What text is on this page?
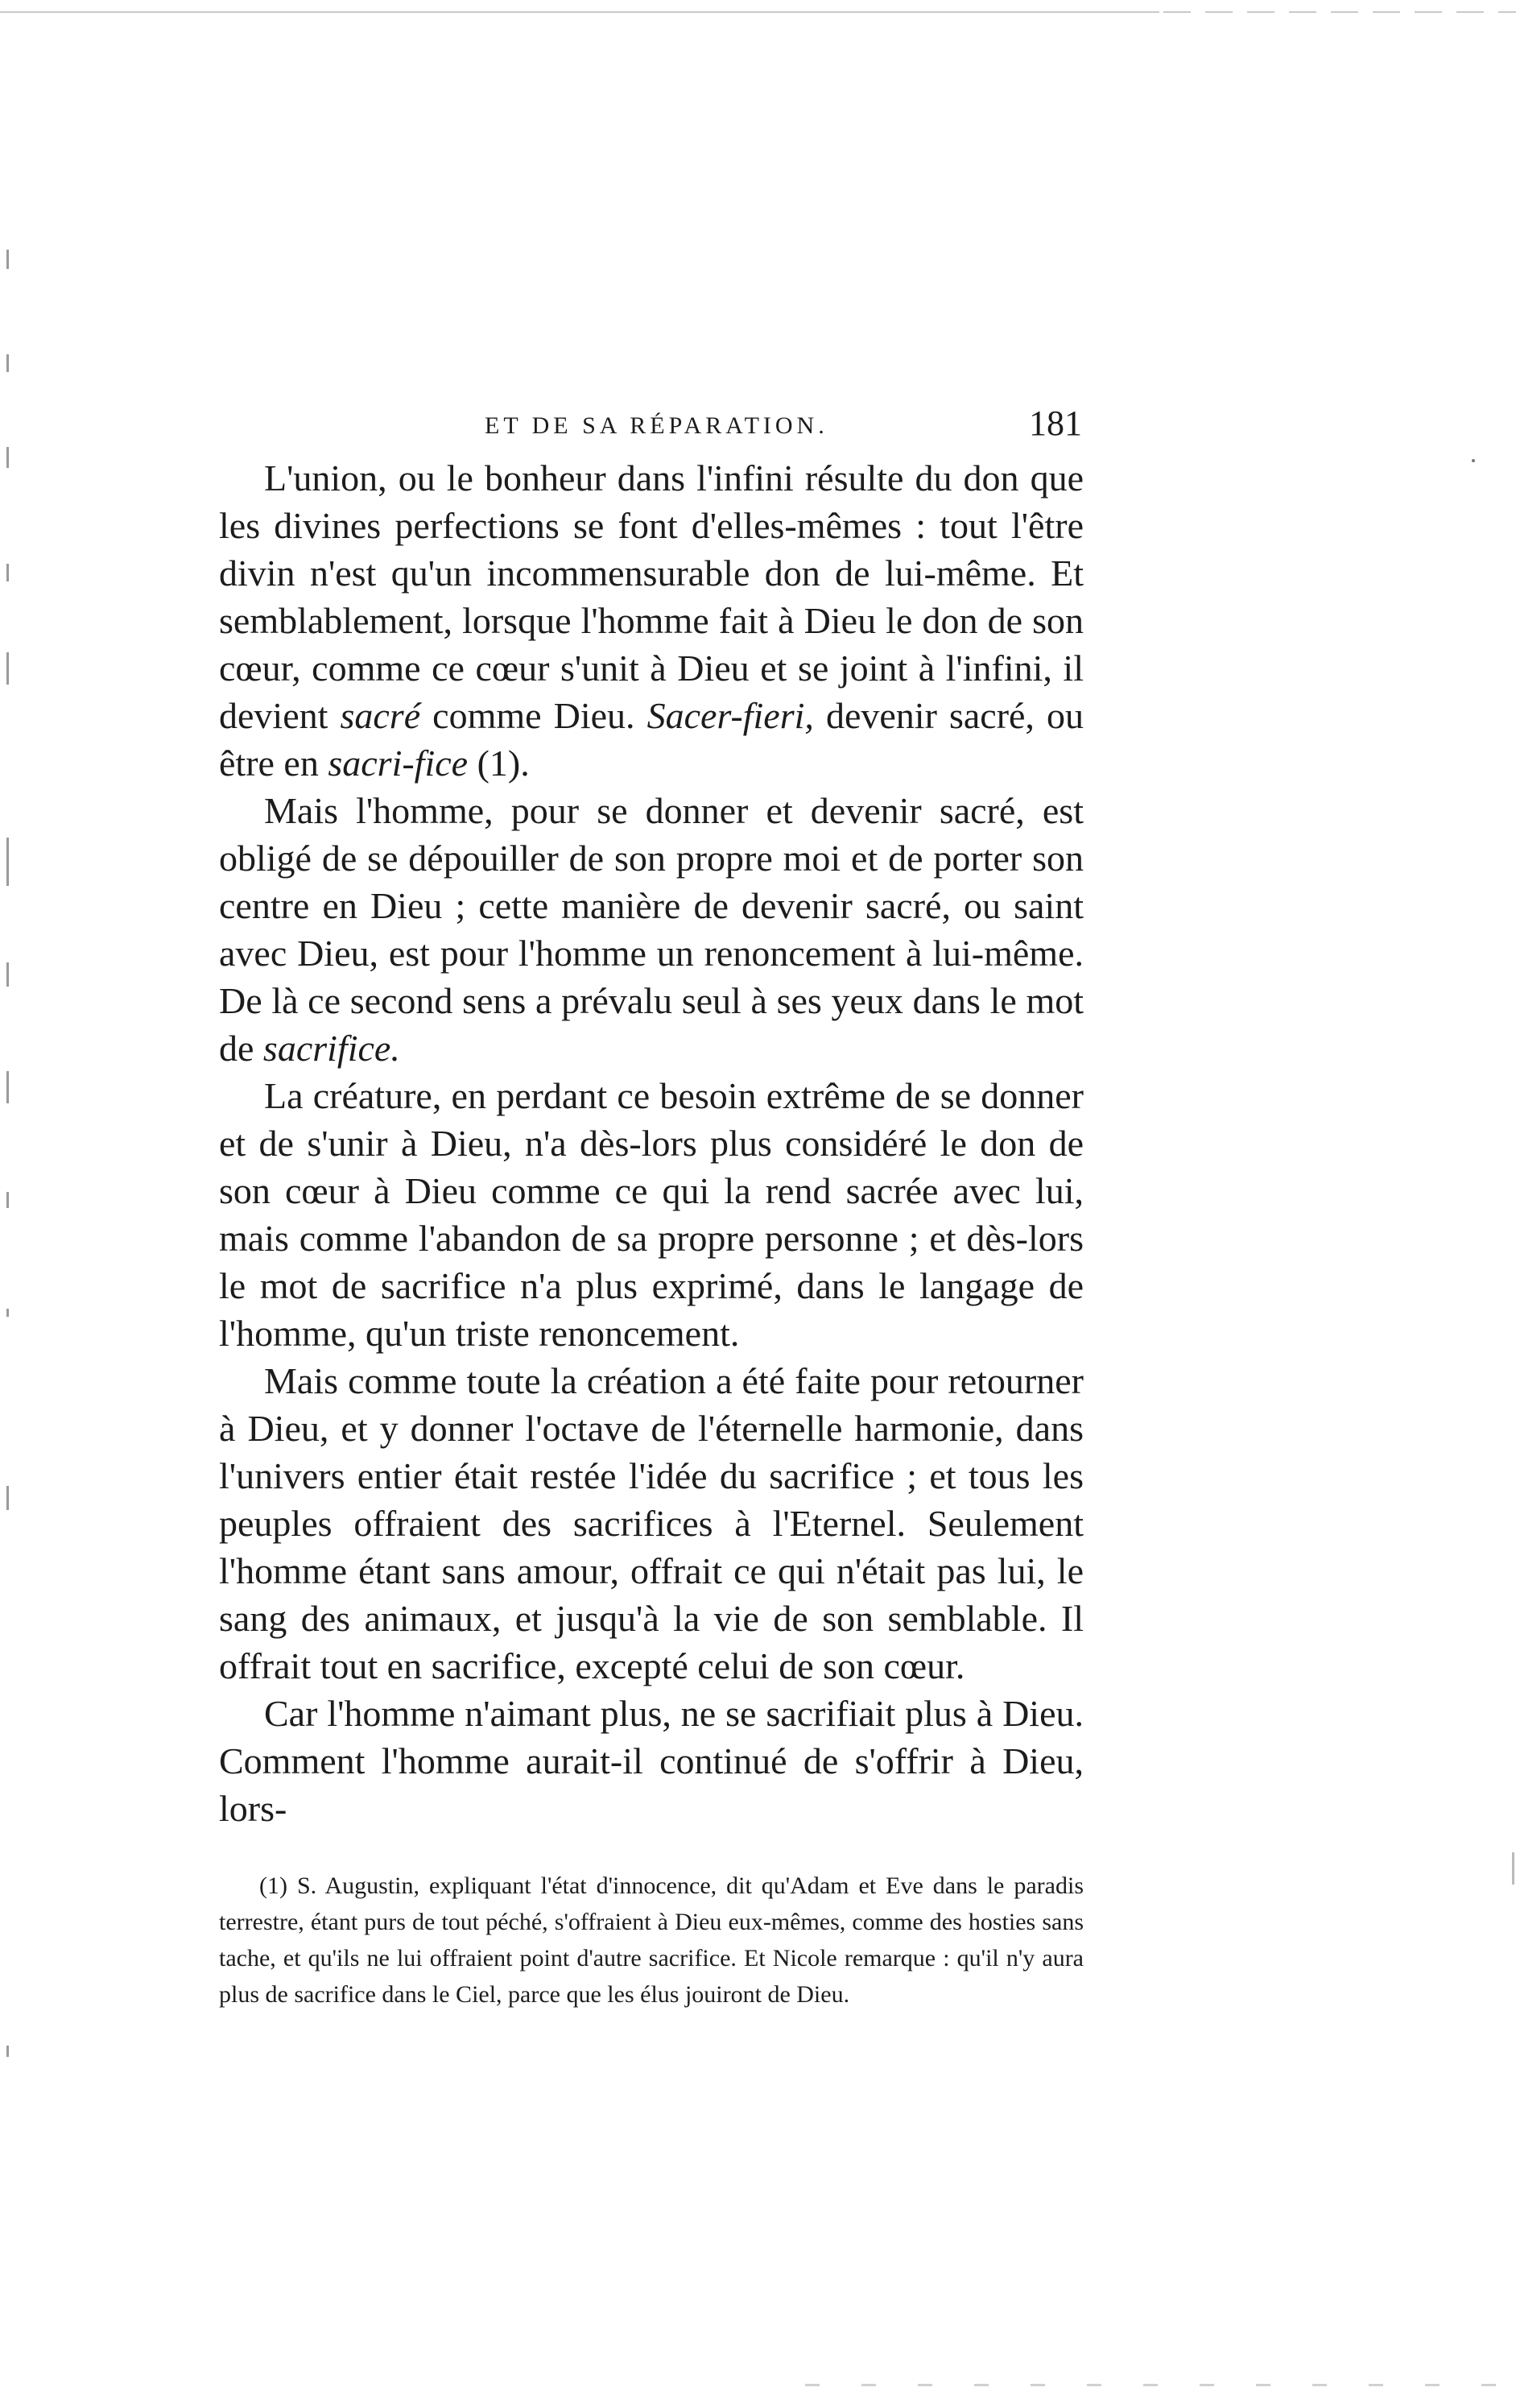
ET DE SA RÉPARATION.	181

L'union, ou le bonheur dans l'infini résulte du don que les divines perfections se font d'elles-mêmes : tout l'être divin n'est qu'un incommensurable don de lui-même. Et semblablement, lorsque l'homme fait à Dieu le don de son cœur, comme ce cœur s'unit à Dieu et se joint à l'infini, il devient sacré comme Dieu. Sacer-fieri, devenir sacré, ou être en sacri-fice (1).

Mais l'homme, pour se donner et devenir sacré, est obligé de se dépouiller de son propre moi et de porter son centre en Dieu ; cette manière de devenir sacré, ou saint avec Dieu, est pour l'homme un renoncement à lui-même. De là ce second sens a prévalu seul à ses yeux dans le mot de sacrifice.

La créature, en perdant ce besoin extrême de se donner et de s'unir à Dieu, n'a dès-lors plus considéré le don de son cœur à Dieu comme ce qui la rend sacrée avec lui, mais comme l'abandon de sa propre personne ; et dès-lors le mot de sacrifice n'a plus exprimé, dans le langage de l'homme, qu'un triste renoncement.

Mais comme toute la création a été faite pour retourner à Dieu, et y donner l'octave de l'éternelle harmonie, dans l'univers entier était restée l'idée du sacrifice ; et tous les peuples offraient des sacrifices à l'Eternel. Seulement l'homme étant sans amour, offrait ce qui n'était pas lui, le sang des animaux, et jusqu'à la vie de son semblable. Il offrait tout en sacrifice, excepté celui de son cœur.

Car l'homme n'aimant plus, ne se sacrifiait plus à Dieu. Comment l'homme aurait-il continué de s'offrir à Dieu, lors-

(1) S. Augustin, expliquant l'état d'innocence, dit qu'Adam et Eve dans le paradis terrestre, étant purs de tout péché, s'offraient à Dieu eux-mêmes, comme des hosties sans tache, et qu'ils ne lui offraient point d'autre sacrifice. Et Nicole remarque : qu'il n'y aura plus de sacrifice dans le Ciel, parce que les élus jouiront de Dieu.
